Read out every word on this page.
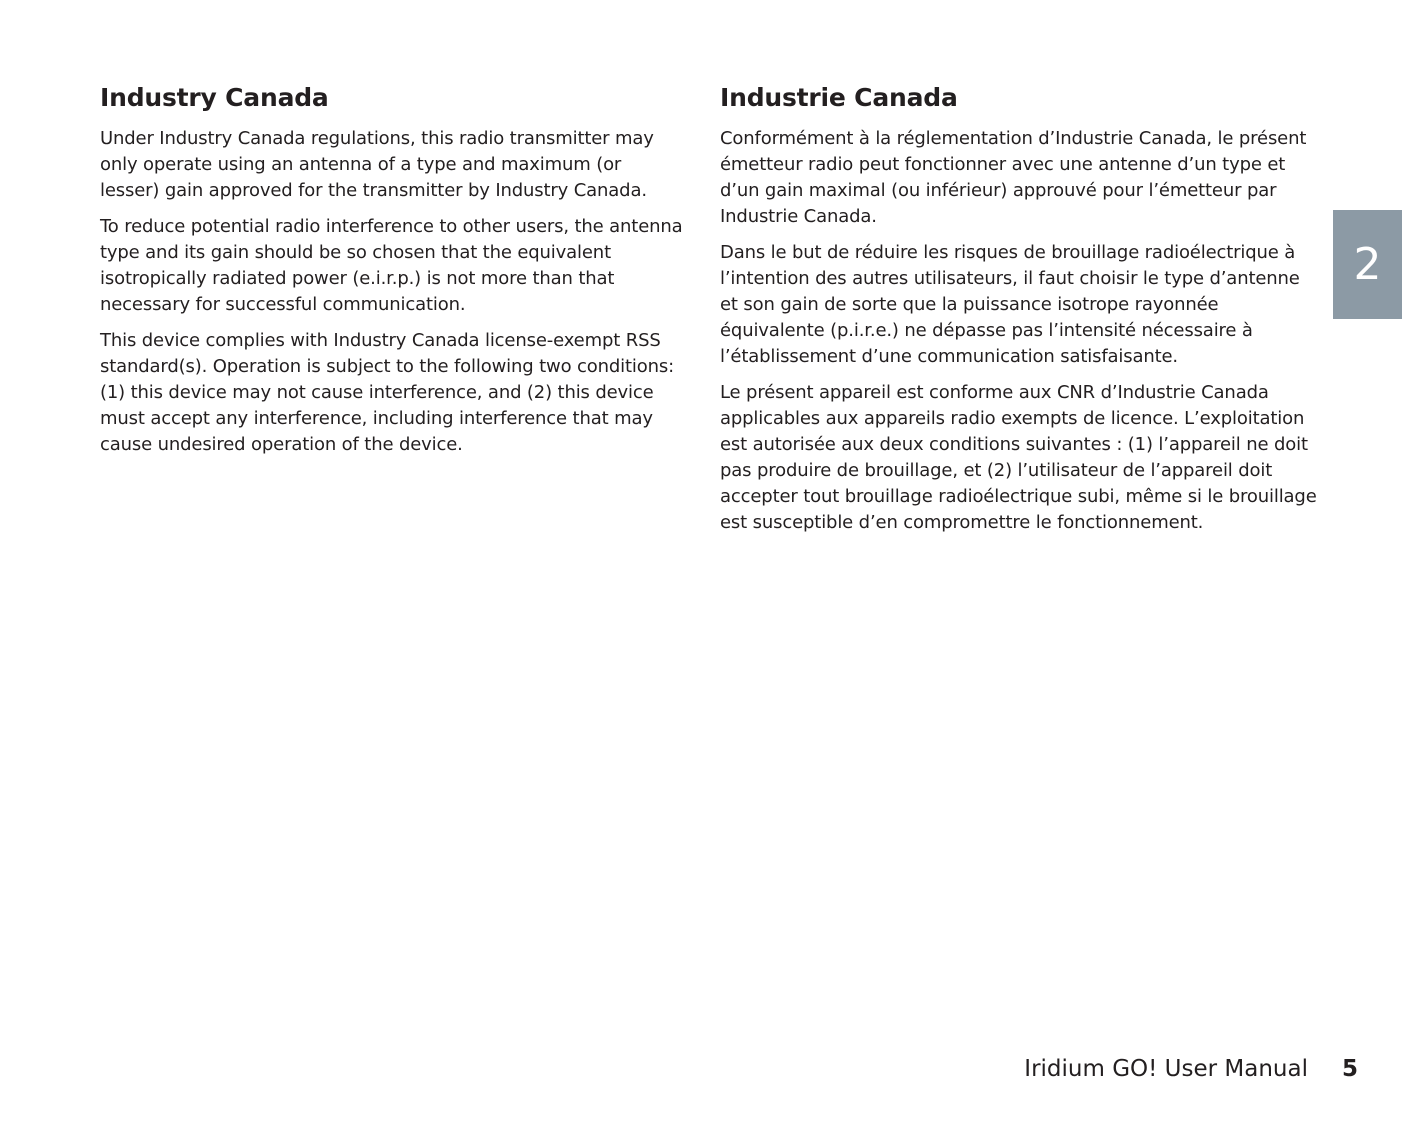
Industry Canada

Under Industry Canada regulations, this radio transmitter may only operate using an antenna of a type and maximum (or lesser) gain approved for the transmitter by Industry Canada.

To reduce potential radio interference to other users, the antenna type and its gain should be so chosen that the equivalent isotropically radiated power (e.i.r.p.) is not more than that necessary for successful communication.

This device complies with Industry Canada license-exempt RSS standard(s). Operation is subject to the following two conditions: (1) this device may not cause interference, and (2) this device must accept any interference, including interference that may cause undesired operation of the device.

Industrie Canada

Conformément à la réglementation d’Industrie Canada, le présent émetteur radio peut fonctionner avec une antenne d’un type et d’un gain maximal (ou inférieur) approuvé pour l’émetteur par Industrie Canada.

Dans le but de réduire les risques de brouillage radioélectrique à l’intention des autres utilisateurs, il faut choisir le type d’antenne et son gain de sorte que la puissance isotrope rayonnée équivalente (p.i.r.e.) ne dépasse pas l’intensité nécessaire à l’établissement d’une communication satisfaisante.

Le présent appareil est conforme aux CNR d’Industrie Canada applicables aux appareils radio exempts de licence. L’exploitation est autorisée aux deux conditions suivantes : (1) l’appareil ne doit pas produire de brouillage, et (2) l’utilisateur de l’appareil doit accepter tout brouillage radioélectrique subi, même si le brouillage est susceptible d’en compromettre le fonctionnement.

2
Iridium GO! User Manual 5
